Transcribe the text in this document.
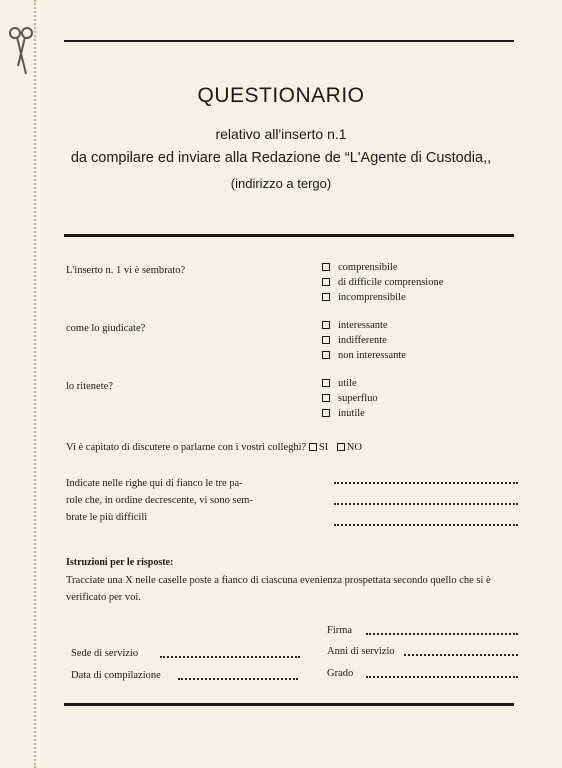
QUESTIONARIO
relativo all'inserto n.1
da compilare ed inviare alla Redazione de “L'Agente di Custodia,,
(indirizzo a tergo)
L'inserto n. 1 vi è sembrato?	comprensibile
di difficile comprensione
incomprensibile
come lo giudicate?	interessante
indifferente
non interessante
lo ritenete?	utile
superfluo
inutile
Vi è capitato di discutere o parlarne con i vostri colleghi? SI NO
Indicate nelle righe qui di fianco le tre pa-
role che, in ordine decrescente, vi sono sem-
brate le più difficili
Istruzioni per le risposte:
Tracciate una X nelle caselle poste a fianco di ciascuna evenienza prospettata secondo quello che si è verificato per voi.
Firma
Sede di servizio	Anni di servizio
Data di compilazione	Grado
